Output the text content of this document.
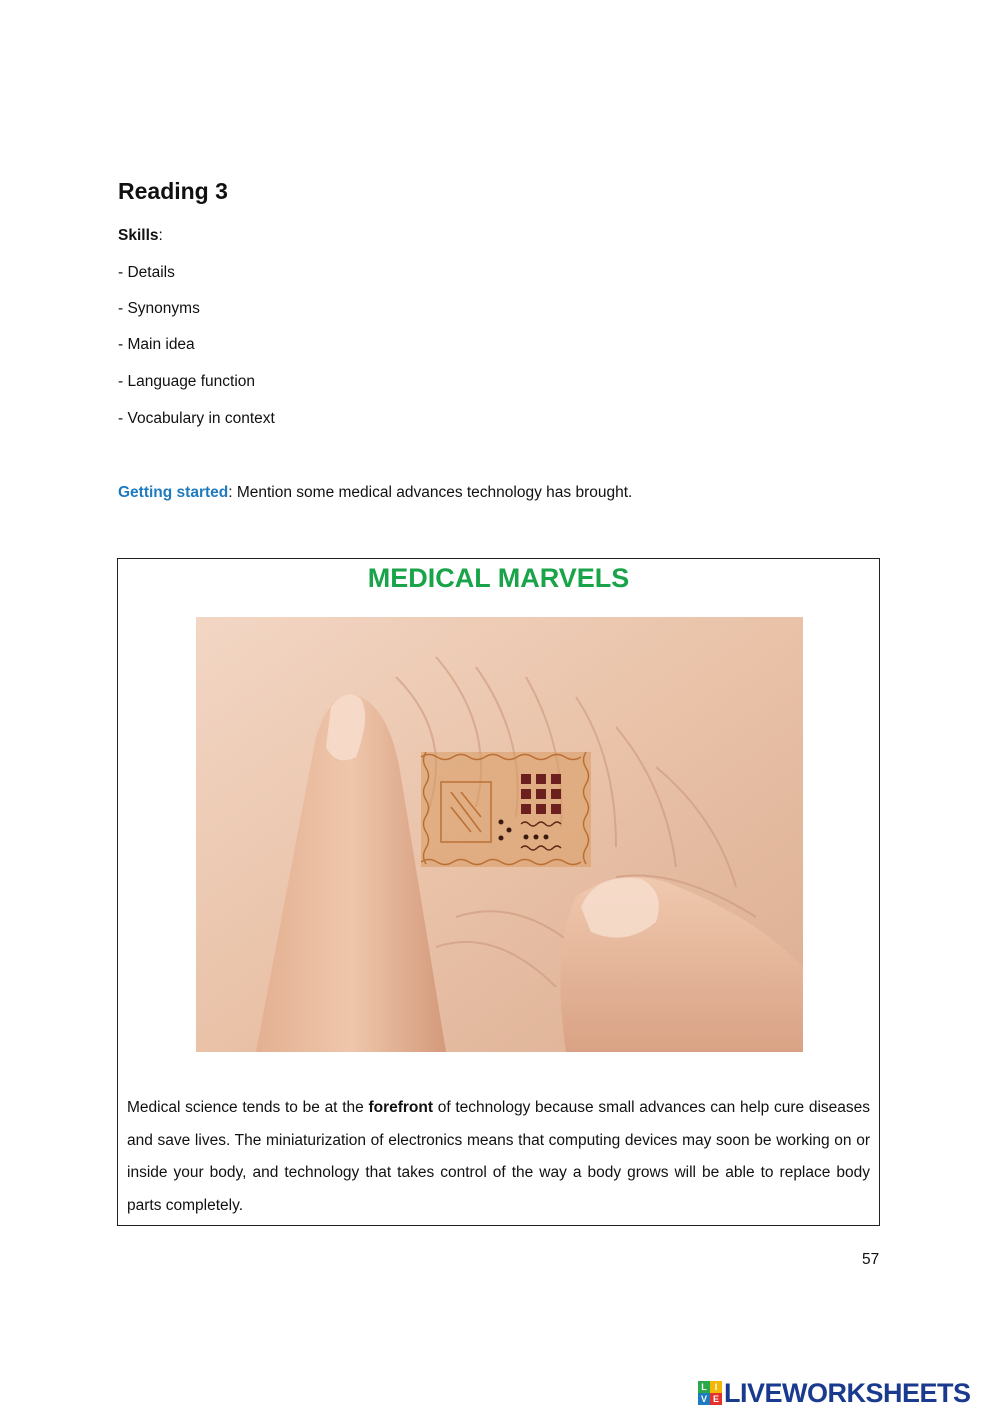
Reading 3
Skills:
- Details
- Synonyms
- Main idea
- Language function
- Vocabulary in context
Getting started: Mention some medical advances technology has brought.
MEDICAL MARVELS

Medical science tends to be at the forefront of technology because small advances can help cure diseases and save lives. The miniaturization of electronics means that computing devices may soon be working on or inside your body, and technology that takes control of the way a body grows will be able to replace body parts completely.

57
L I
V E LIVEWORKSHEETS
